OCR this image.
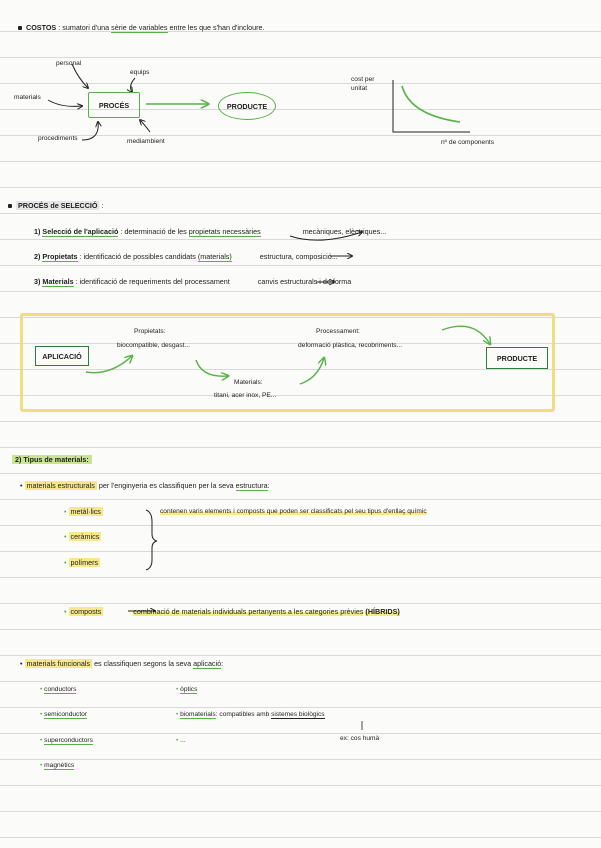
COSTOS : sumatori d'una sèrie de variables entre les que s'han d'incloure.
personal
equips
materials
procediments	mediambient
PROCÉS	PRODUCTE
cost per unitat
nº de components
PROCÉS de SELECCIÓ :
1) Selecció de l'aplicació : determinació de les propietats necessàries	mecàniques, elèctriques...
2) Propietats : identificació de possibles candidats (materials)	estructura, composició...
3) Materials : identificació de requeriments del processament	canvis estructurals i de forma
APLICACIÓ	PRODUCTE
Propietats:
biocompatible, desgast...
Materials:
titani, acer inox, PE...
Processament:
deformació plàstica, recobriments...
2) Tipus de materials:
• materials estructurals per l'enginyeria es classifiquen per la seva estructura:
• metàl·lics
• ceràmics
• polímers
contenen varis elements i composts que poden ser classificats pel seu tipus d'enllaç químic
• composts	combinació de materials individuals pertanyents a les categories prèvies (HÍBRIDS)
• materials funcionals es classifiquen segons la seva aplicació:
• conductors
• semiconductor
• superconductors
• magnètics
• òptics
• biomaterials: compatibles amb sistemes biològics
• ...	ex: cos humà
